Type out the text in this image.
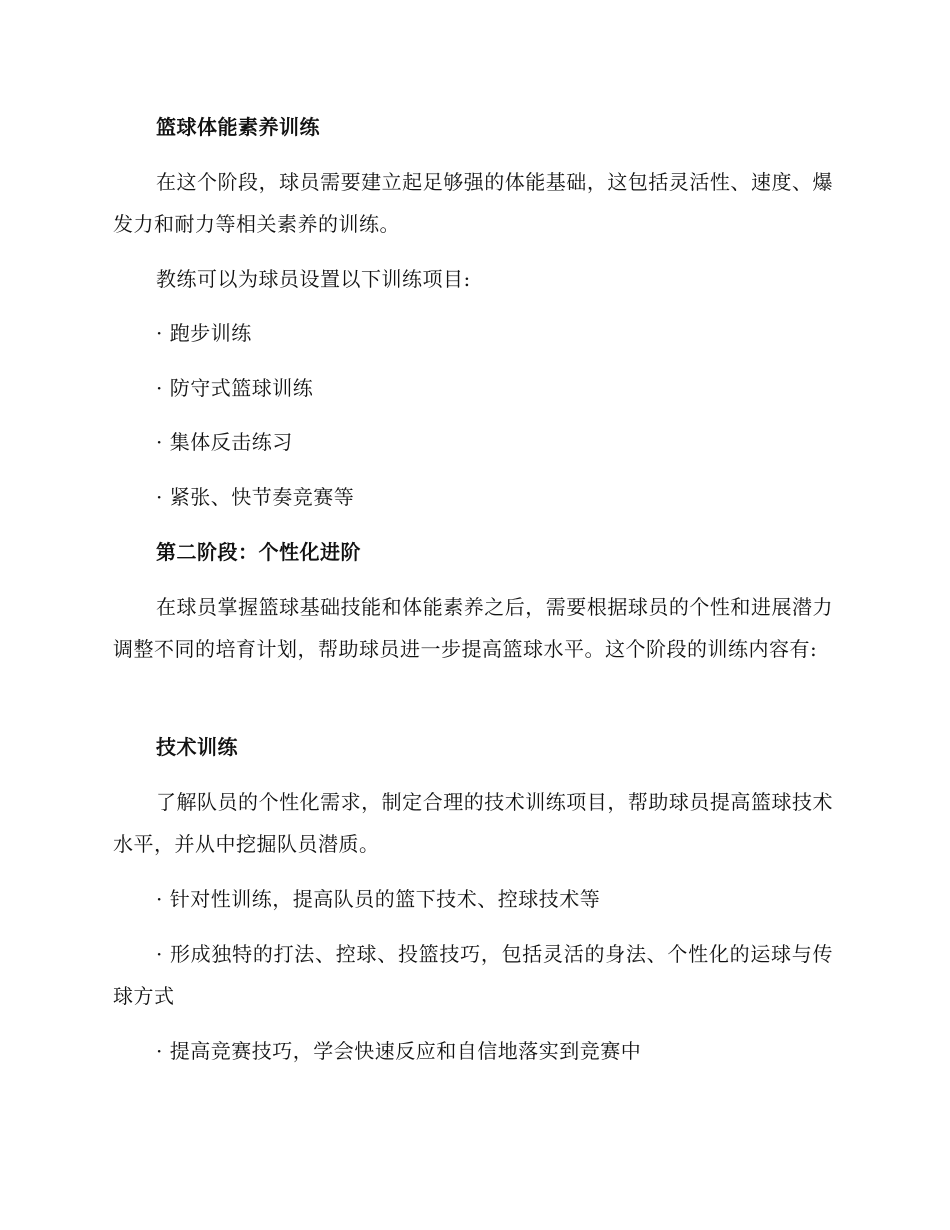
篮球体能素养训练
在这个阶段，球员需要建立起足够强的体能基础，这包括灵活性、速度、爆发力和耐力等相关素养的训练。
教练可以为球员设置以下训练项目:
· 跑步训练
· 防守式篮球训练
· 集体反击练习
· 紧张、快节奏竞赛等
第二阶段：个性化进阶
在球员掌握篮球基础技能和体能素养之后，需要根据球员的个性和进展潜力调整不同的培育计划，帮助球员进一步提高篮球水平。这个阶段的训练内容有:
技术训练
了解队员的个性化需求，制定合理的技术训练项目，帮助球员提高篮球技术水平，并从中挖掘队员潜质。
· 针对性训练，提高队员的篮下技术、控球技术等
· 形成独特的打法、控球、投篮技巧，包括灵活的身法、个性化的运球与传球方式
· 提高竞赛技巧，学会快速反应和自信地落实到竞赛中
